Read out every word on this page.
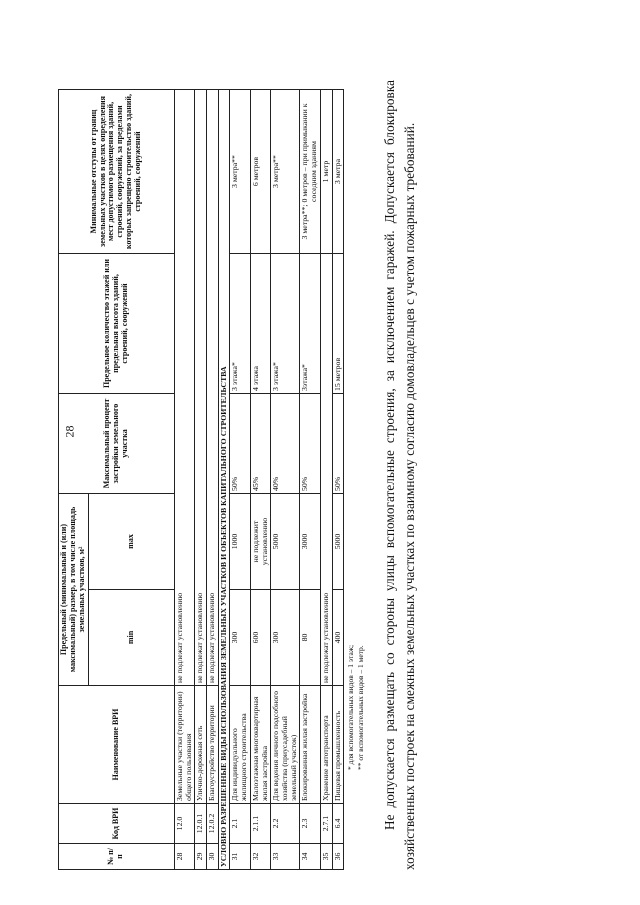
28
№ п/п	Код ВРИ	Наименование ВРИ	Предельный (минимальный и (или) максимальный) размер, в том числе площадь земельных участков, м²		Максимальный процент застройки земельного участка	Предельное количество этажей или предельная высота зданий, строений, сооружений	Минимальные отступы от границ земельных участков в целях определения мест допустимого размещения зданий, строений, сооружений, за пределами которых запрещено строительство зданий, строений, сооружений
			min	max			
28	12.0	Земельные участки (территории) общего пользования	не подлежат установлению				
29	12.0.1	Улично-дорожная сеть	не подлежат установлению				
30	12.0.2	Благоустройство территории	не подлежат установлению				
УСЛОВНО РАЗРЕШЕННЫЕ ВИДЫ ИСПОЛЬЗОВАНИЯ ЗЕМЕЛЬНЫХ УЧАСТКОВ И ОБЪЕКТОВ КАПИТАЛЬНОГО СТРОИТЕЛЬСТВА							
31	2.1	Для индивидуального жилищного строительства	300	1000	50%	3 этажа*	3 метра**
32	2.1.1	Малоэтажная многоквартирная жилая застройка	600	не подлежит установлению	45%	4 этажа	6 метров
33	2.2	Для ведения личного подсобного хозяйства (приусадебный земельный участок)	300	5000	40%	3 этажа*	3 метра**
34	2.3	Блокированная жилая застройка	80	3000	50%	3этажа*	3 метра**; 0 метров – при примыкании к соседним зданиям
35	2.7.1	Хранение автотранспорта	не подлежат установлению				1 метр
36	6.4	Пищевая промышленность	400	5000	50%	15 метров	3 метра
* для вспомогательных видов – 1 этаж; ** от вспомогательных видов – 1 метр. Не допускается размещать со стороны улицы вспомогательные строения, за исключением гаражей. Допускается блокировка хозяйственных построек на смежных земельных участках по взаимному согласию домовладельцев с учетом пожарных требований.
